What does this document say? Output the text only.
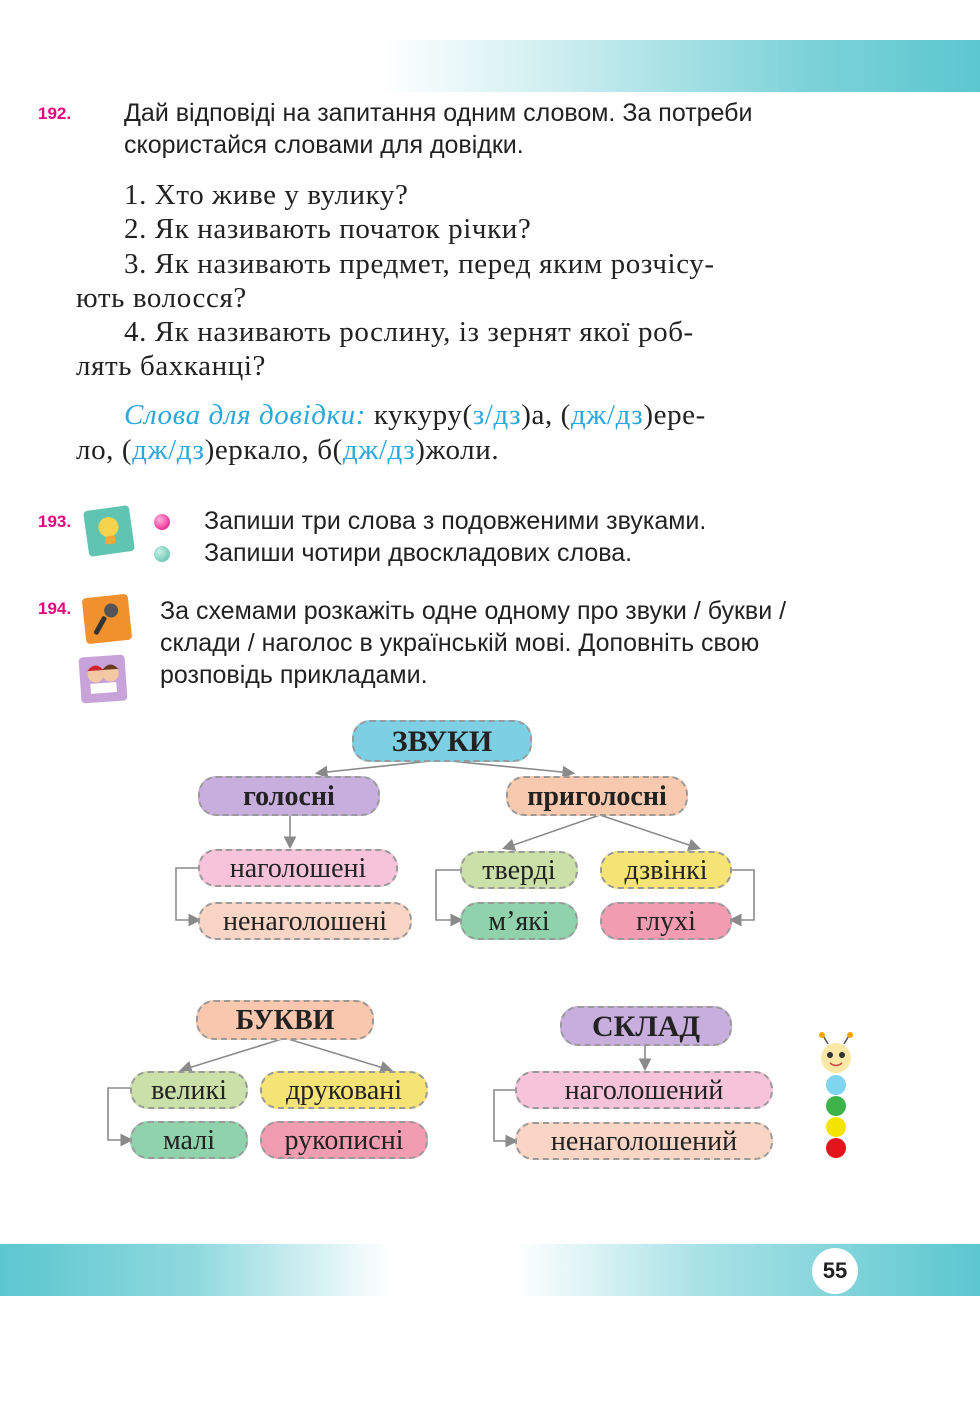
192. Дай відповіді на запитання одним словом. За потреби
скористайся словами для довідки.
1. Хто живе у вулику?
2. Як називають початок річки?
3. Як називають предмет, перед яким розчісу-
ють волосся?
4. Як називають рослину, із зернят якої роб-
лять бахканці?
Слова для довідки: кукуру(з/дз)а, (дж/дз)ере-
ло, (дж/дз)еркало, б(дж/дз)жоли.
193.	Запиши три слова з подовженими звуками.
Запиши чотири двоскладових слова.
194.	За схемами розкажіть одне одному про звуки / букви /
склади / наголос в українській мові. Доповніть свою
розповідь прикладами.
ЗВУКИ
голосні	приголосні
наголошені
ненаголошені
тверді
м’які
дзвінкі
глухі
БУКВИ
великі
малі
друковані
рукописні
СКЛАД
наголошений
ненаголошений
55
